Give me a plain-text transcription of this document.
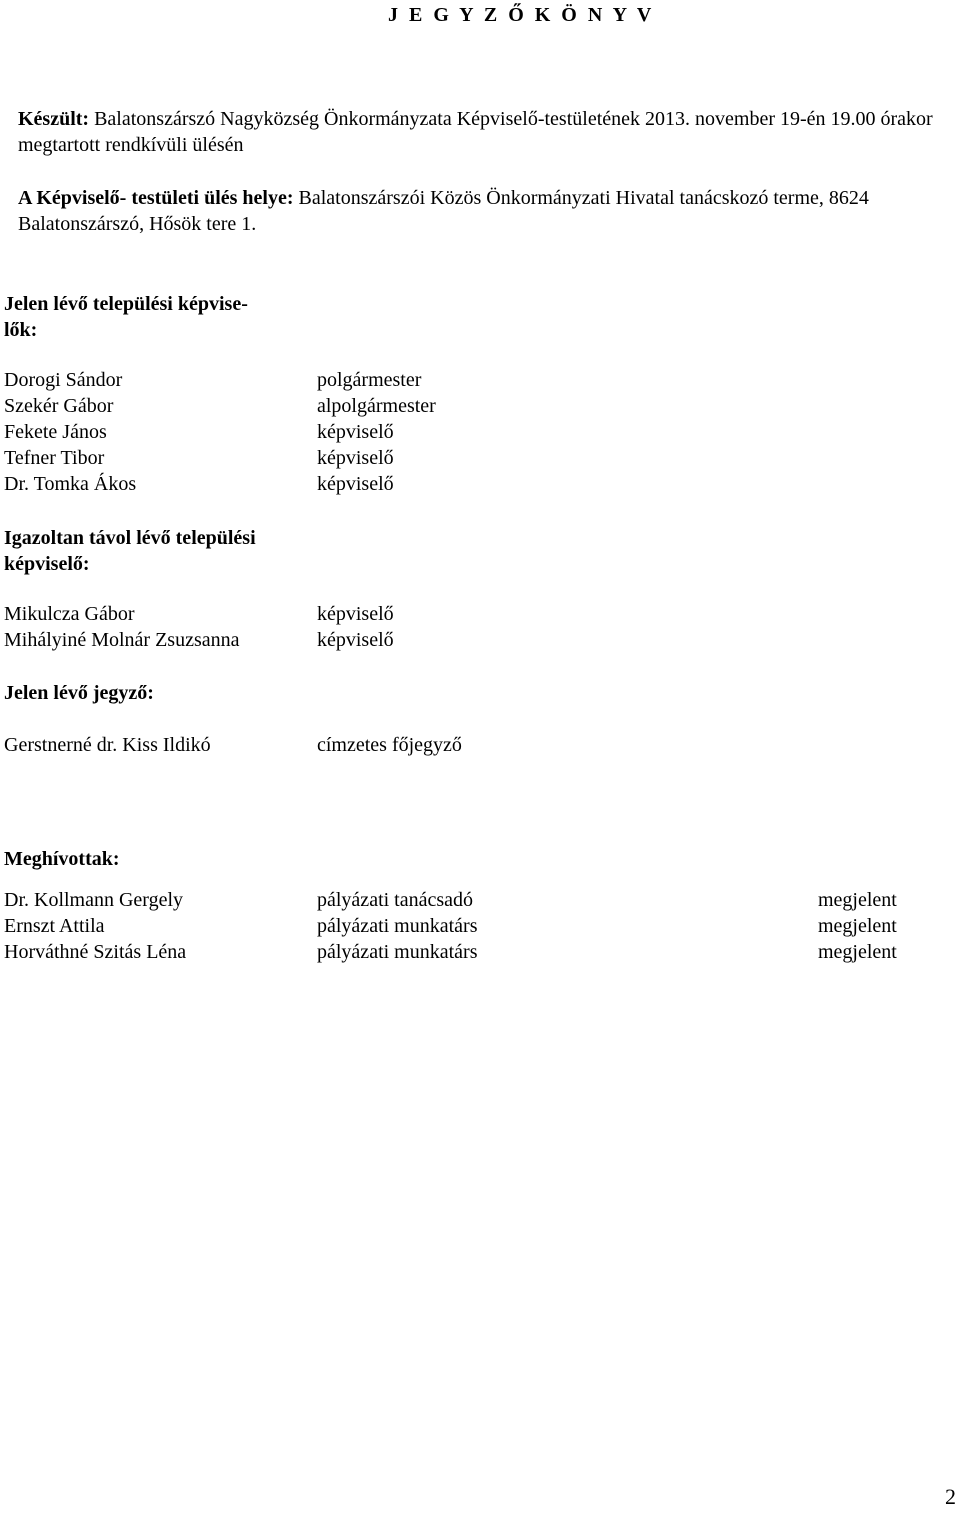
J E G Y Z Ő K Ö N Y V
Készült: Balatonszárszó Nagyközség Önkormányzata Képviselő-testületének 2013. november 19-én 19.00 órakor megtartott rendkívüli ülésén
A Képviselő- testületi ülés helye: Balatonszárszói Közös Önkormányzati Hivatal tanácskozó terme, 8624 Balatonszárszó, Hősök tere 1.
Jelen lévő települési képvise-
lők:
Dorogi Sándor	polgármester
Szekér Gábor	alpolgármester
Fekete János	képviselő
Tefner Tibor	képviselő
Dr. Tomka Ákos	képviselő
Igazoltan távol lévő települési
képviselő:
Mikulcza Gábor	képviselő
Mihályiné Molnár Zsuzsanna	képviselő
Jelen lévő jegyző:
Gerstnerné dr. Kiss Ildikó	címzetes főjegyző
Meghívottak:
Dr. Kollmann Gergely	pályázati tanácsadó	megjelent
Ernszt Attila	pályázati munkatárs	megjelent
Horváthné Szitás Léna	pályázati munkatárs	megjelent
2
